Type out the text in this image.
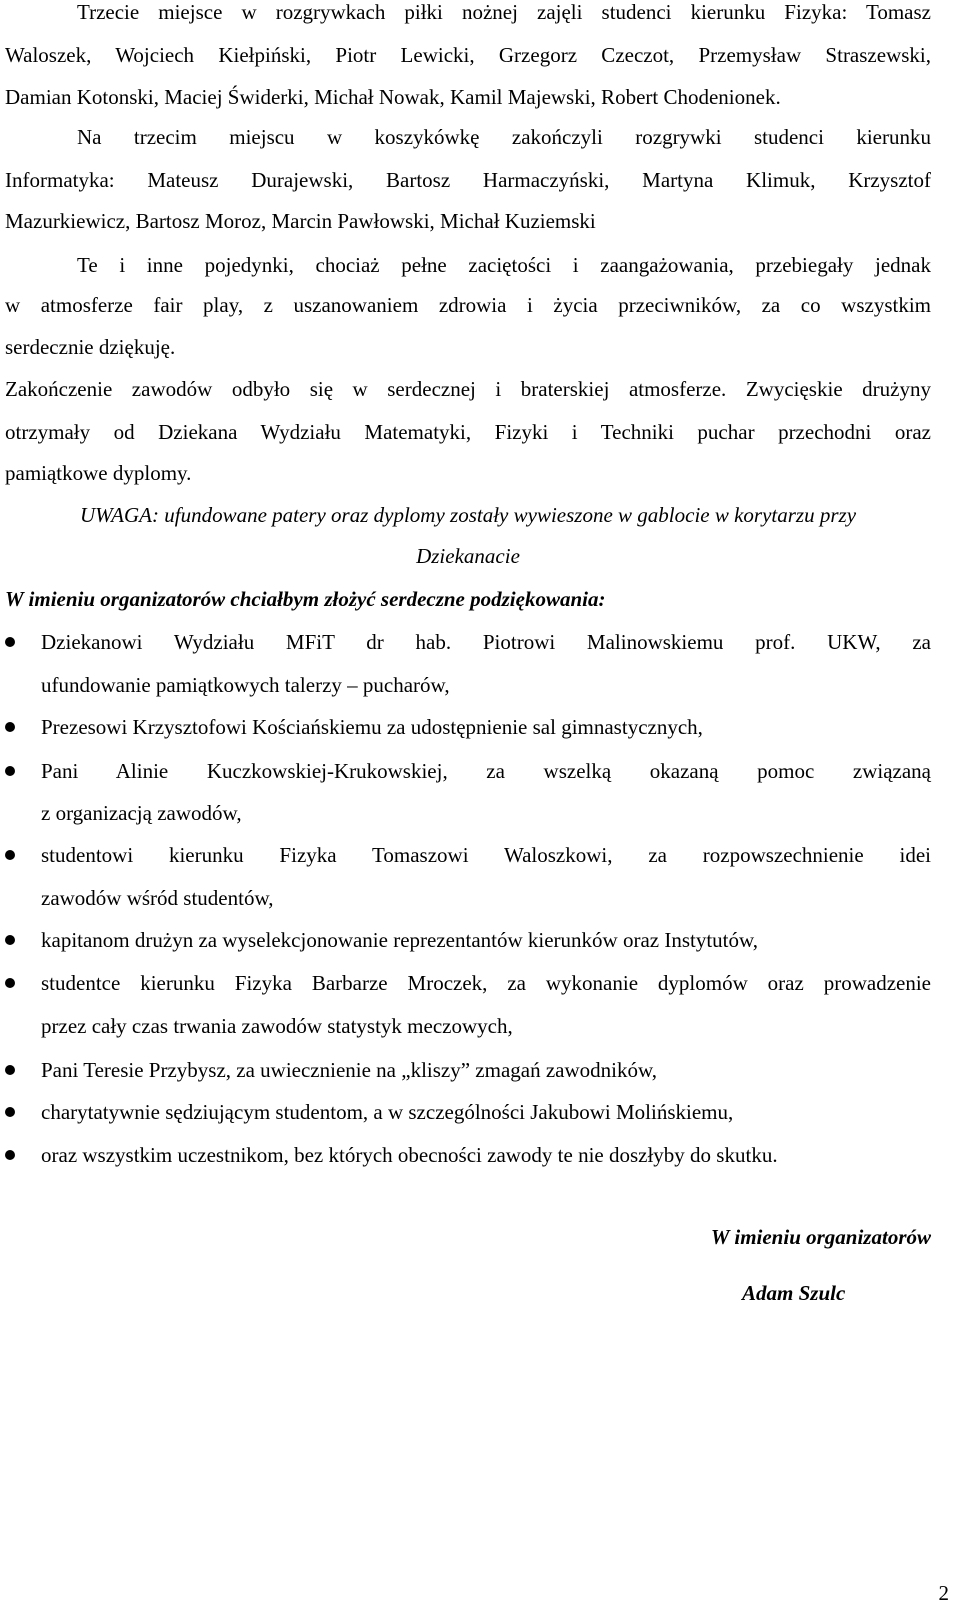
Trzecie miejsce w rozgrywkach piłki nożnej zajęli studenci kierunku Fizyka: Tomasz
Waloszek, Wojciech Kiełpiński, Piotr Lewicki, Grzegorz Czeczot, Przemysław Straszewski,
Damian Kotonski, Maciej Świderki, Michał Nowak, Kamil Majewski, Robert Chodenionek.
Na trzecim miejscu w koszykówkę zakończyli rozgrywki studenci kierunku
Informatyka: Mateusz Durajewski, Bartosz Harmaczyński, Martyna Klimuk, Krzysztof
Mazurkiewicz, Bartosz Moroz, Marcin Pawłowski, Michał Kuziemski
Te i inne pojedynki, chociaż pełne zaciętości i zaangażowania, przebiegały jednak
w atmosferze fair play, z uszanowaniem zdrowia i życia przeciwników, za co wszystkim
serdecznie dziękuję.
Zakończenie zawodów odbyło się w serdecznej i braterskiej atmosferze. Zwycięskie drużyny
otrzymały od Dziekana Wydziału Matematyki, Fizyki i Techniki puchar przechodni oraz
pamiątkowe dyplomy.
UWAGA: ufundowane patery oraz dyplomy zostały wywieszone w gablocie w korytarzu przy
Dziekanacie
W imieniu organizatorów chciałbym złożyć serdeczne podziękowania:
Dziekanowi Wydziału MFiT dr hab. Piotrowi Malinowskiemu prof. UKW, za
ufundowanie pamiątkowych talerzy – pucharów,
Prezesowi Krzysztofowi Kościańskiemu za udostępnienie sal gimnastycznych,
Pani Alinie Kuczkowskiej-Krukowskiej, za wszelką okazaną pomoc związaną
z organizacją zawodów,
studentowi kierunku Fizyka Tomaszowi Waloszkowi, za rozpowszechnienie idei
zawodów wśród studentów,
kapitanom drużyn za wyselekcjonowanie reprezentantów kierunków oraz Instytutów,
studentce kierunku Fizyka Barbarze Mroczek, za wykonanie dyplomów oraz prowadzenie
przez cały czas trwania zawodów statystyk meczowych,
Pani Teresie Przybysz, za uwiecznienie na „kliszy” zmagań zawodników,
charytatywnie sędziującym studentom, a w szczególności Jakubowi Molińskiemu,
oraz wszystkim uczestnikom, bez których obecności zawody te nie doszłyby do skutku.
W imieniu organizatorów
Adam Szulc
2
